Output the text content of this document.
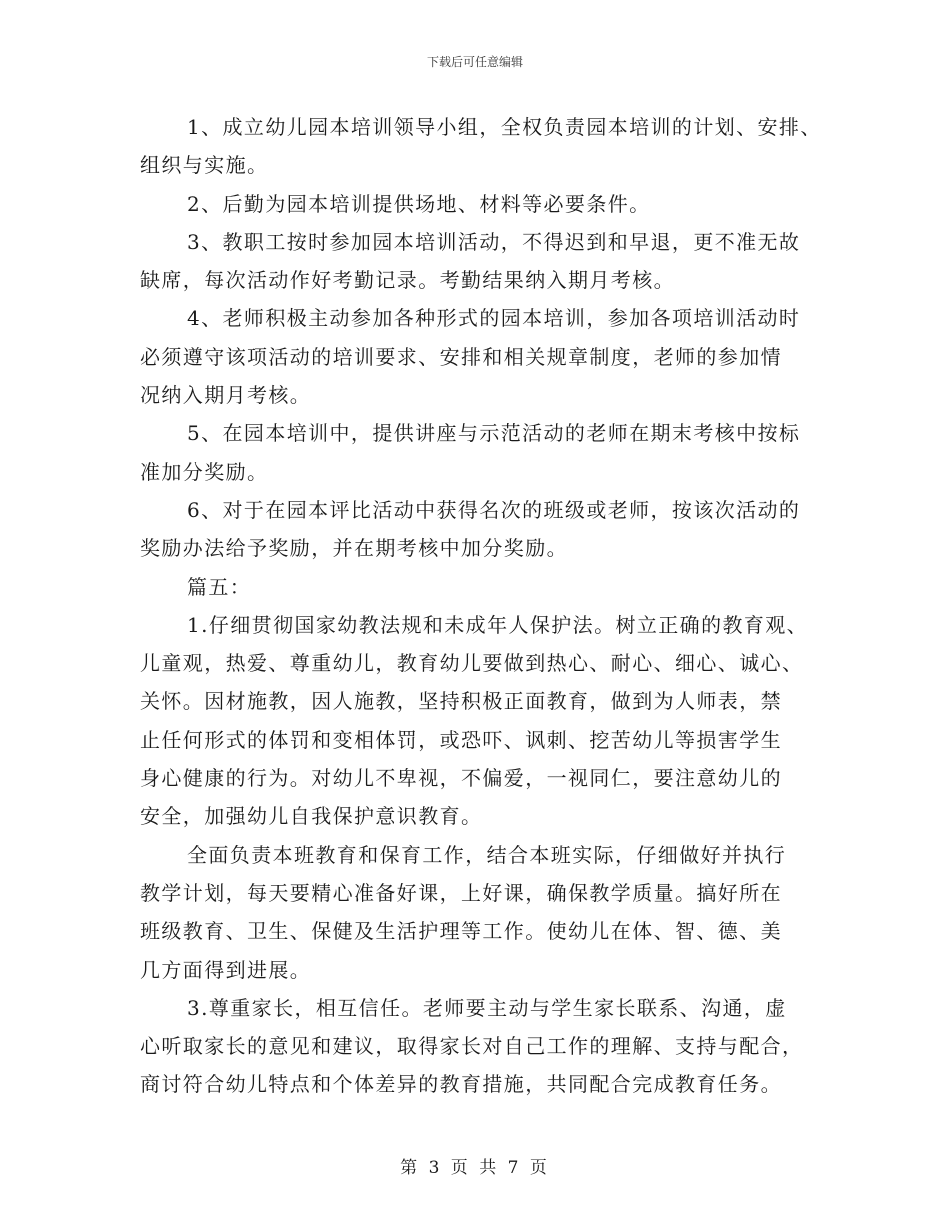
下载后可任意编辑
1、成立幼儿园本培训领导小组，全权负责园本培训的计划、安排、
组织与实施。
2、后勤为园本培训提供场地、材料等必要条件。
3、教职工按时参加园本培训活动，不得迟到和早退，更不准无故
缺席，每次活动作好考勤记录。考勤结果纳入期月考核。
4、老师积极主动参加各种形式的园本培训，参加各项培训活动时
必须遵守该项活动的培训要求、安排和相关规章制度，老师的参加情
况纳入期月考核。
5、在园本培训中，提供讲座与示范活动的老师在期末考核中按标
准加分奖励。
6、对于在园本评比活动中获得名次的班级或老师，按该次活动的
奖励办法给予奖励，并在期考核中加分奖励。
篇五：
1.仔细贯彻国家幼教法规和未成年人保护法。树立正确的教育观、
儿童观，热爱、尊重幼儿，教育幼儿要做到热心、耐心、细心、诚心、
关怀。因材施教，因人施教，坚持积极正面教育，做到为人师表，禁
止任何形式的体罚和变相体罚，或恐吓、讽刺、挖苦幼儿等损害学生
身心健康的行为。对幼儿不卑视，不偏爱，一视同仁，要注意幼儿的
安全，加强幼儿自我保护意识教育。
全面负责本班教育和保育工作，结合本班实际，仔细做好并执行
教学计划，每天要精心准备好课，上好课，确保教学质量。搞好所在
班级教育、卫生、保健及生活护理等工作。使幼儿在体、智、德、美
几方面得到进展。
3.尊重家长，相互信任。老师要主动与学生家长联系、沟通，虚
心听取家长的意见和建议，取得家长对自己工作的理解、支持与配合，
商讨符合幼儿特点和个体差异的教育措施，共同配合完成教育任务。
第 3 页 共 7 页
